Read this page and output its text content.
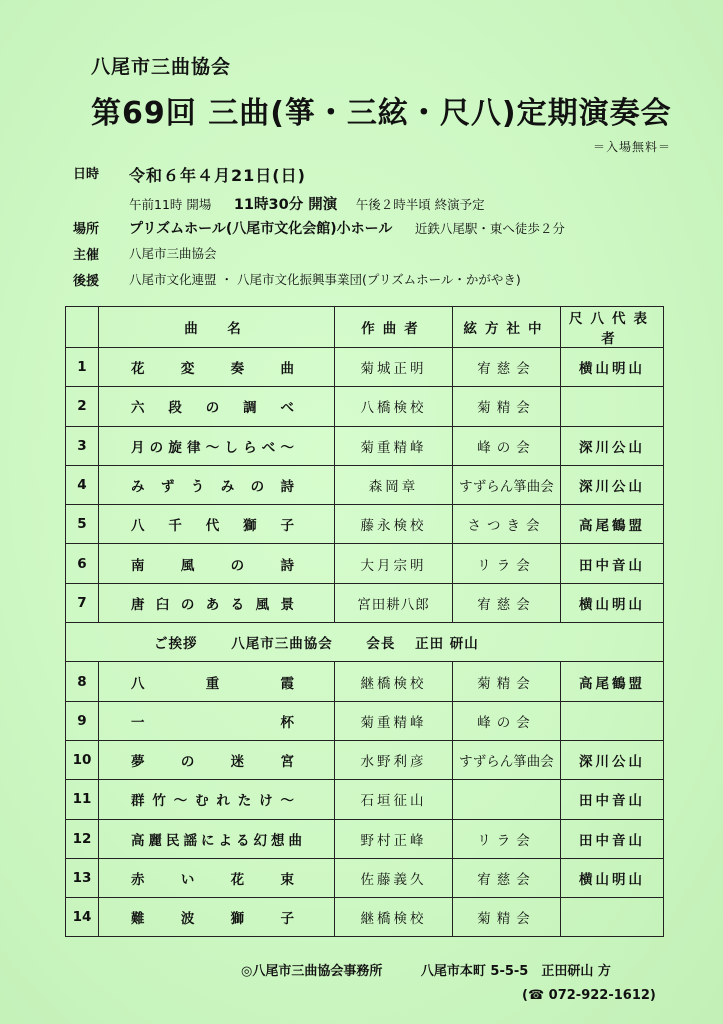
八尾市三曲協会
第69回 三曲(箏・三絃・尺八)定期演奏会
＝入場無料＝
日時 令和６年４月21日(日)
午前11時 開場 11時30分 開演 午後２時半頃 終演予定
場所 プリズムホール(八尾市文化会館)小ホール 近鉄八尾駅・東へ徒歩２分
主催 八尾市三曲協会
後援 八尾市文化連盟 ・ 八尾市文化振興事業団(プリズムホール・かがやき)
	曲　名	作曲者	絃方社中	尺八代表者
1	花変奏曲	菊城正明	宥慈会	横山明山
2	六段の調べ	八橋検校	菊精会	
3	月の旋律～しらべ～	菊重精峰	峰の会	深川公山
4	みずうみの詩	森岡章	すずらん箏曲会	深川公山
5	八千代獅子	藤永検校	さつき会	高尾鶴盟
6	南風の詩	大月宗明	リラ会	田中音山
7	唐臼のある風景	宮田耕八郎	宥慈会	横山明山
ご挨拶 八尾市三曲協会 会長 正田 研山				
8	八重霞	継橋検校	菊精会	高尾鶴盟
9	一　杯	菊重精峰	峰の会	
10	夢の迷宮	水野利彦	すずらん箏曲会	深川公山
11	群竹～むれたけ～	石垣征山		田中音山
12	高麗民謡による幻想曲	野村正峰	リラ会	田中音山
13	赤い花束	佐藤義久	宥慈会	横山明山
14	難波獅子	継橋検校	菊精会	
◎八尾市三曲協会事務所	八尾市本町 5-5-5　正田研山 方
(☎ 072-922-1612)
